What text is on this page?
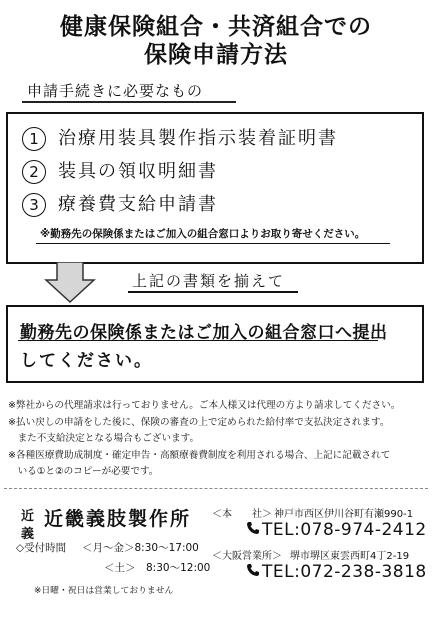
健康保険組合・共済組合での
保険申請方法
申請手続きに必要なもの
1 治療用装具製作指示装着証明書
2 装具の領収明細書
3 療養費支給申請書
※勤務先の保険係またはご加入の組合窓口よりお取り寄せください。
上記の書類を揃えて
勤務先の保険係またはご加入の組合窓口へ提出
してください。
※弊社からの代理請求は行っておりません。ご本人様又は代理の方より請求してください。
※払い戻しの申請をした後に、保険の審査の上で定められた給付率で支払決定されます。
　また不支給決定となる場合もございます。
※各種医療費助成制度・確定申告・高額療養費制度を利用される場合、上記に記載されて
　いる①と②のコピーが必要です。
近義
近畿義肢製作所
◇受付時間 ＜月～金＞8:30～17:00
＜土＞　8:30～12:00
※日曜・祝日は営業しておりません
＜本　　社＞ 神戸市西区伊川谷町有瀬990-1
TEL:078-974-2412
＜大阪営業所＞ 堺市堺区東雲西町4丁2-19
TEL:072-238-3818
